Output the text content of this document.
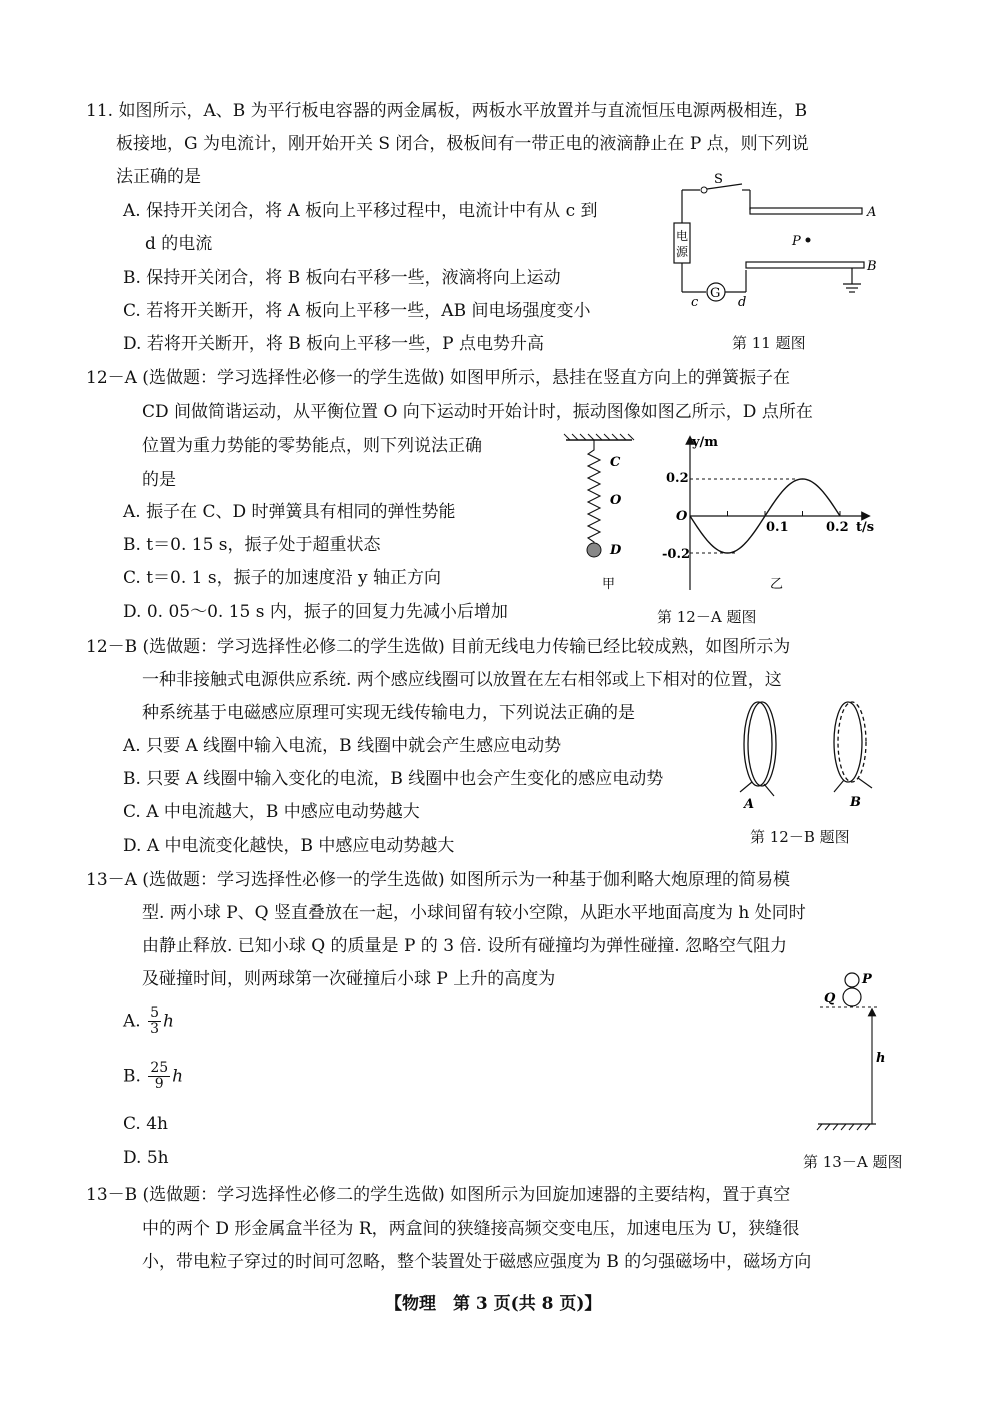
11. 如图所示，A、B 为平行板电容器的两金属板，两板水平放置并与直流恒压电源两极相连，B
板接地，G 为电流计，刚开始开关 S 闭合，极板间有一带正电的液滴静止在 P 点，则下列说
法正确的是
A. 保持开关闭合，将 A 板向上平移过程中，电流计中有从 c 到
d 的电流
B. 保持开关闭合，将 B 板向右平移一些，液滴将向上运动
C. 若将开关断开，将 A 板向上平移一些，AB 间电场强度变小
D. 若将开关断开，将 B 板向上平移一些，P 点电势升高
S
电
源
A
P
B
G
c	d
第 11 题图
12－A (选做题：学习选择性必修一的学生选做) 如图甲所示，悬挂在竖直方向上的弹簧振子在
CD 间做简谐运动，从平衡位置 O 向下运动时开始计时，振动图像如图乙所示，D 点所在
位置为重力势能的零势能点，则下列说法正确
的是
A. 振子在 C、D 时弹簧具有相同的弹性势能
B. t＝0. 15 s，振子处于超重状态
C. t＝0. 1 s，振子的加速度沿 y 轴正方向
D. 0. 05～0. 15 s 内，振子的回复力先减小后增加
C
O
D
甲
y/m
t/s
0.2
-0.2
O
0.1	0.2
乙
第 12－A 题图
12－B (选做题：学习选择性必修二的学生选做) 目前无线电力传输已经比较成熟，如图所示为
一种非接触式电源供应系统. 两个感应线圈可以放置在左右相邻或上下相对的位置，这
种系统基于电磁感应原理可实现无线传输电力，下列说法正确的是
A. 只要 A 线圈中输入电流，B 线圈中就会产生感应电动势
B. 只要 A 线圈中输入变化的电流，B 线圈中也会产生变化的感应电动势
C. A 中电流越大，B 中感应电动势越大
D. A 中电流变化越快，B 中感应电动势越大
A	B
第 12－B 题图
13－A (选做题：学习选择性必修一的学生选做) 如图所示为一种基于伽利略大炮原理的简易模
型. 两小球 P、Q 竖直叠放在一起，小球间留有较小空隙，从距水平地面高度为 h 处同时
由静止释放. 已知小球 Q 的质量是 P 的 3 倍. 设所有碰撞均为弹性碰撞. 忽略空气阻力
及碰撞时间，则两球第一次碰撞后小球 P 上升的高度为
A. $\frac{5}{3}$ h
B. $\frac{25}{9}$ h
C. 4h
D. 5h
P
Q
h
第 13－A 题图
13－B (选做题：学习选择性必修二的学生选做) 如图所示为回旋加速器的主要结构，置于真空
中的两个 D 形金属盒半径为 R，两盒间的狭缝接高频交变电压，加速电压为 U，狭缝很
小，带电粒子穿过的时间可忽略，整个装置处于磁感应强度为 B 的匀强磁场中，磁场方向
【物理　第 3 页(共 8 页)】
